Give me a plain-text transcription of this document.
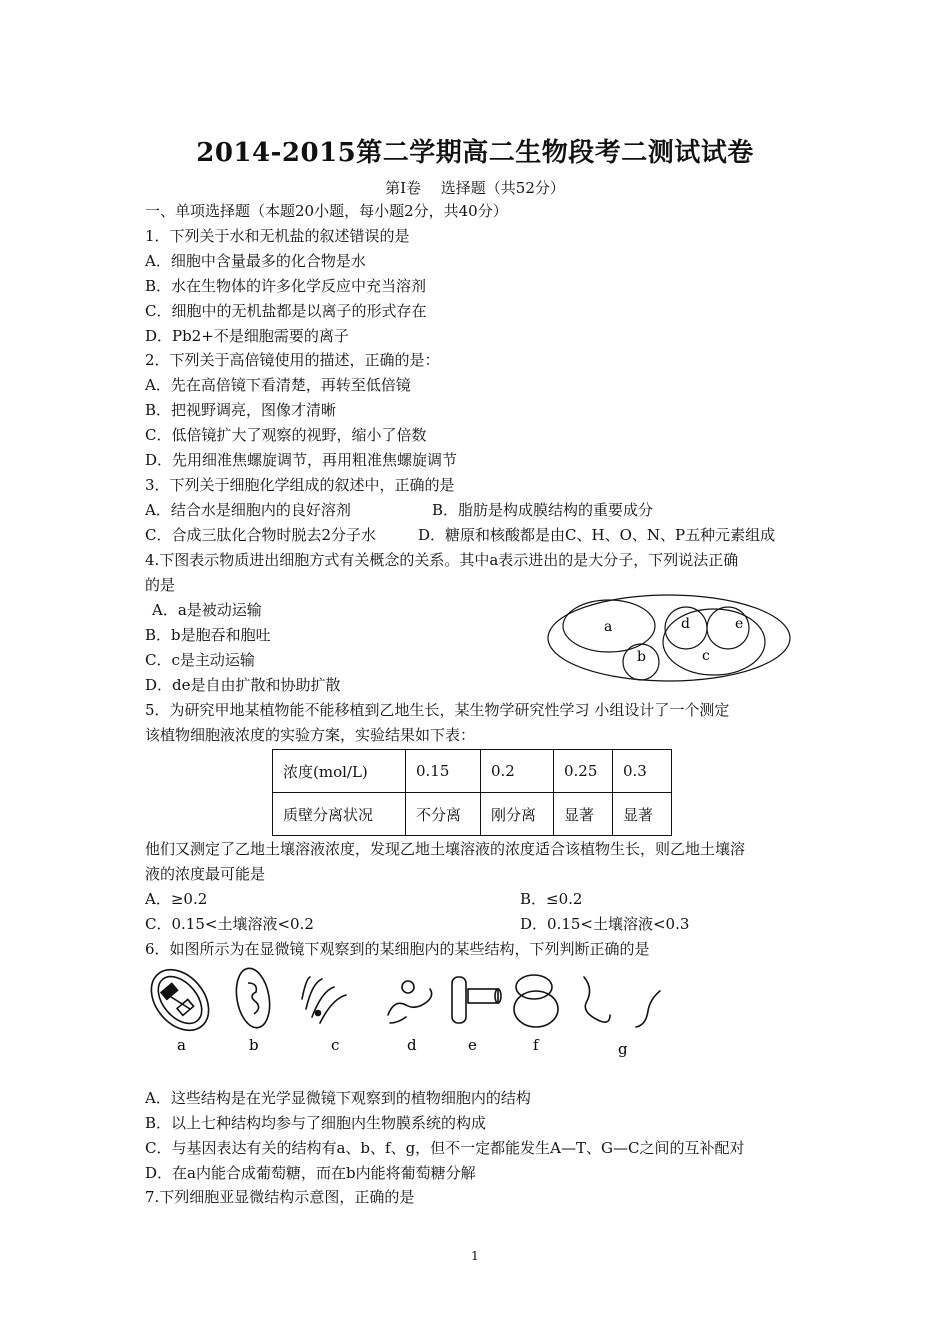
2014-2015第二学期高二生物段考二测试试卷
第Ⅰ卷　 选择题（共52分）
一、单项选择题（本题20小题，每小题2分，共40分）
1．下列关于水和无机盐的叙述错误的是
A．细胞中含量最多的化合物是水
B．水在生物体的许多化学反应中充当溶剂
C．细胞中的无机盐都是以离子的形式存在
D．Pb2+不是细胞需要的离子
2．下列关于高倍镜使用的描述，正确的是：
A．先在高倍镜下看清楚，再转至低倍镜
B．把视野调亮，图像才清晰
C．低倍镜扩大了观察的视野，缩小了倍数
D．先用细准焦螺旋调节，再用粗准焦螺旋调节
3．下列关于细胞化学组成的叙述中，正确的是
A．结合水是细胞内的良好溶剂	B．脂肪是构成膜结构的重要成分
C．合成三肽化合物时脱去2分子水	D．糖原和核酸都是由C、H、O、N、P五种元素组成
4.下图表示物质进出细胞方式有关概念的关系。其中a表示进出的是大分子，下列说法正确
的是
A．a是被动运输
B．b是胞吞和胞吐
C．c是主动运输
D．de是自由扩散和协助扩散
a	d	e
b	c
5．为研究甲地某植物能不能移植到乙地生长，某生物学研究性学习 小组设计了一个测定
该植物细胞液浓度的实验方案，实验结果如下表：
浓度(mol/L)	0.15	0.2	0.25	0.3
质壁分离状况	不分离	刚分离	显著	显著
他们又测定了乙地土壤溶液浓度，发现乙地土壤溶液的浓度适合该植物生长，则乙地土壤溶
液的浓度最可能是
A．≥0.2	B．≤0.2
C．0.15<土壤溶液<0.2	D．0.15<土壤溶液<0.3
6．如图所示为在显微镜下观察到的某细胞内的某些结构，下列判断正确的是
a	b	c	d	e	f	g
A．这些结构是在光学显微镜下观察到的植物细胞内的结构
B．以上七种结构均参与了细胞内生物膜系统的构成
C．与基因表达有关的结构有a、b、f、g，但不一定都能发生A—T、G—C之间的互补配对
D．在a内能合成葡萄糖，而在b内能将葡萄糖分解
7.下列细胞亚显微结构示意图，正确的是
1
